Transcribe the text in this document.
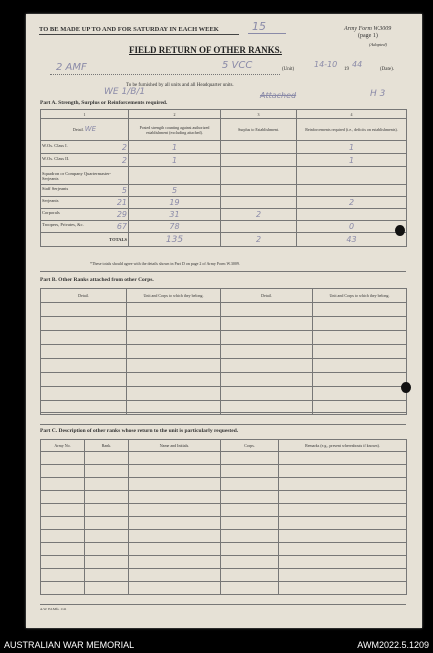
TO BE MADE UP TO AND FOR SATURDAY IN EACH WEEK	15	Army Form W.3009
(page 1)
(Adapted)
FIELD RETURN OF OTHER RANKS.
2 AMF	5 VCC	(Unit)
14-10
19
44
(Date).
To be furnished by all units and all Headquarter units.
WE 1/B/1	Attached	H 3
Part A. Strength, Surplus or Reinforcements required.
1	2	3	4
Detail. WE	Posted strength counting against authorized establishment (excluding attached).	Surplus to Establishment.	Reinforcements required (i.e., deficits on establishments).
W.Os. Class I. 2	1		1
W.Os. Class II. 2	1		1
Squadron or Company Quartermaster-Serjeants			
Staff Serjeants 5	5		
Serjeants 21	19		2
Corporals 29	31	2	
Troopers, Privates, &c. 67	78		0
TOTALS	135	2	43
*These totals should agree with the details shown in Part D on page 2 of Army Form W.3009.
Part B. Other Ranks attached from other Corps.
Detail.	Unit and Corps to which they belong.	Detail.	Unit and Corps to which they belong.

Part C. Description of other ranks whose return to the unit is particularly requested.
Army No.	Rank.	Name and Initials.	Corps.	Remarks (e.g., present whereabouts if known).

A.W. Ed.Mfs. 1/41
AUSTRALIAN WAR MEMORIAL	AWM2022.5.1209
